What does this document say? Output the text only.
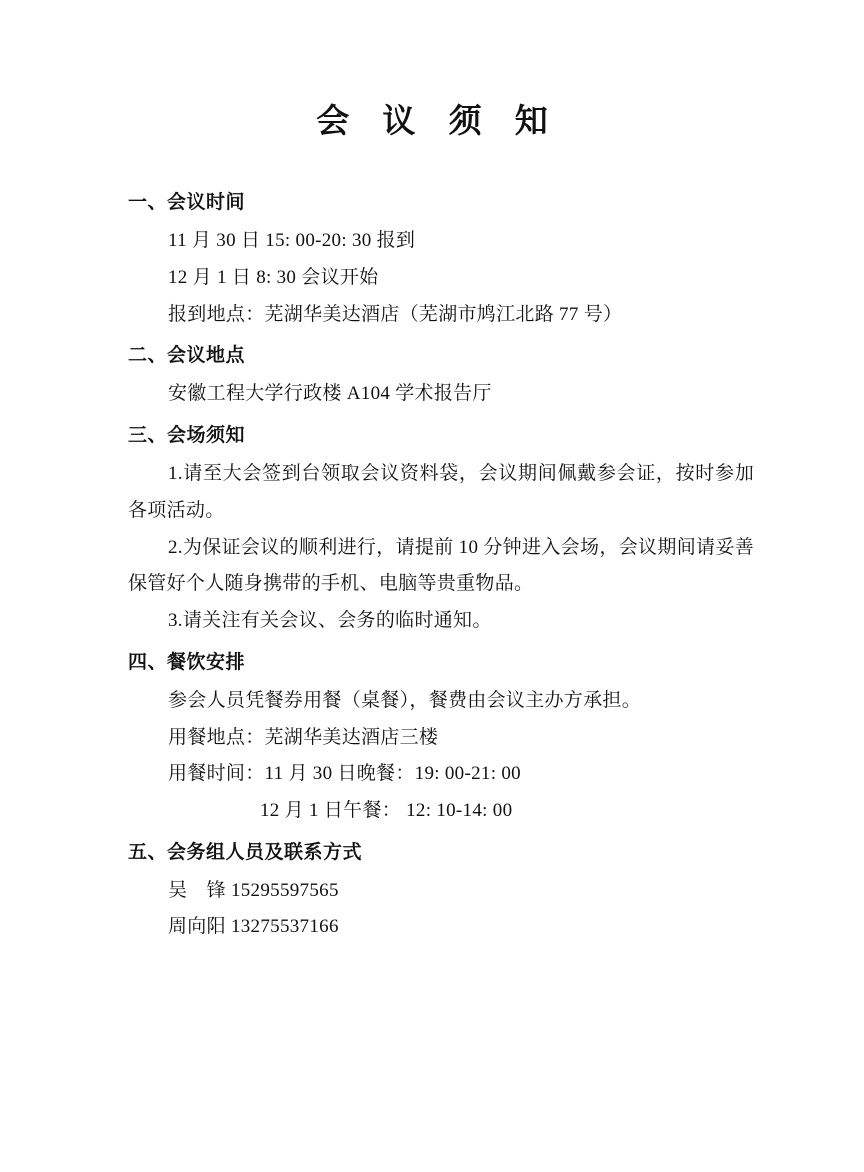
会 议 须 知
一、会议时间
11 月 30 日 15: 00-20: 30 报到
12 月 1 日 8: 30 会议开始
报到地点：芜湖华美达酒店（芜湖市鸠江北路 77 号）
二、会议地点
安徽工程大学行政楼 A104 学术报告厅
三、会场须知
1.请至大会签到台领取会议资料袋，会议期间佩戴参会证，按时参加各项活动。
2.为保证会议的顺利进行，请提前 10 分钟进入会场，会议期间请妥善保管好个人随身携带的手机、电脑等贵重物品。
3.请关注有关会议、会务的临时通知。
四、餐饮安排
参会人员凭餐券用餐（桌餐），餐费由会议主办方承担。
用餐地点：芜湖华美达酒店三楼
用餐时间：11 月 30 日晚餐：19: 00-21: 00
12 月 1 日午餐： 12: 10-14: 00
五、会务组人员及联系方式
吴　锋 15295597565
周向阳 13275537166
